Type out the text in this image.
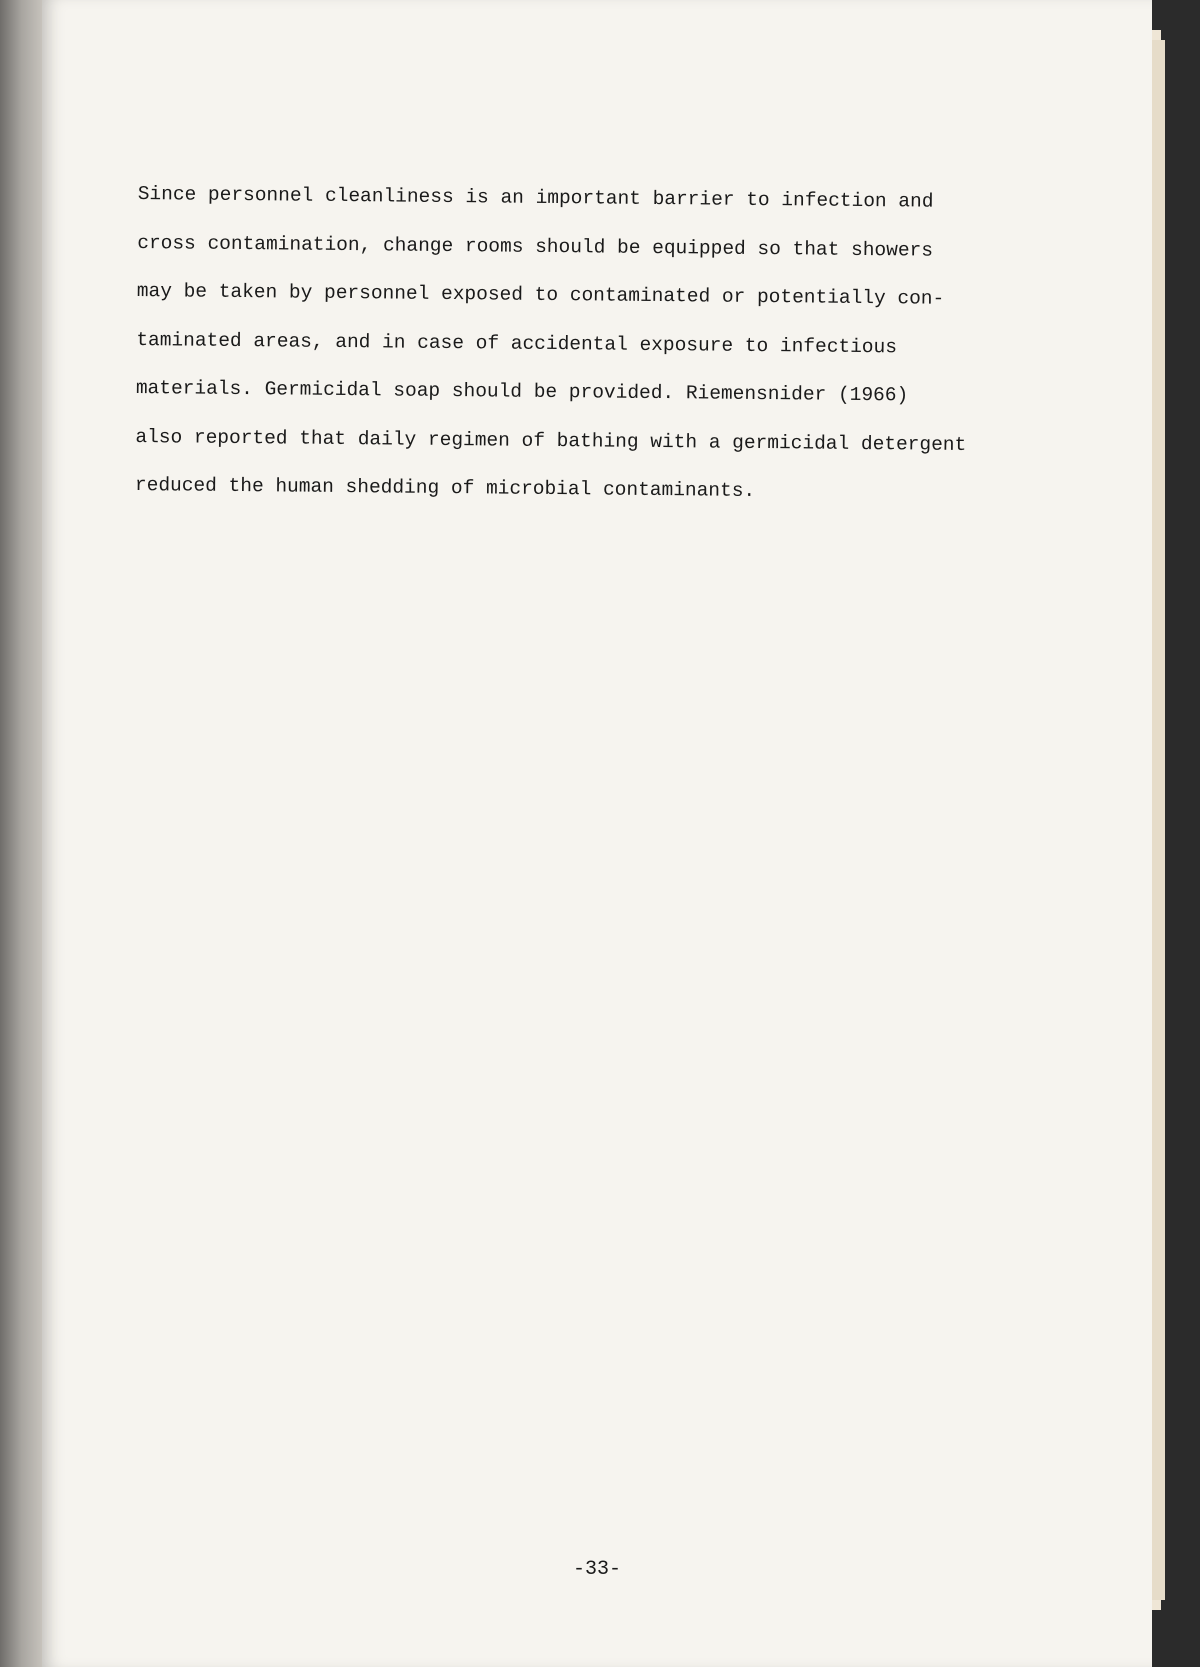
Since personnel cleanliness is an important barrier to infection and
cross contamination, change rooms should be equipped so that showers
may be taken by personnel exposed to contaminated or potentially con-
taminated areas, and in case of accidental exposure to infectious
materials. Germicidal soap should be provided. Riemensnider (1966)
also reported that daily regimen of bathing with a germicidal detergent
reduced the human shedding of microbial contaminants.
-33-
